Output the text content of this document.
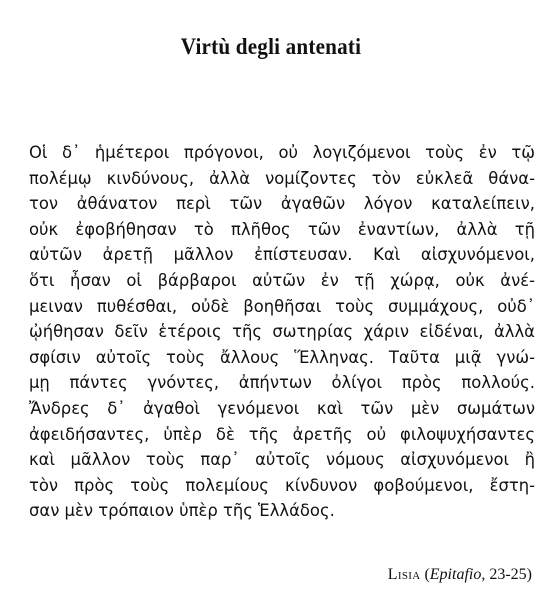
Virtù degli antenati
Οἱ δ᾽ ἡμέτεροι πρόγονοι, οὐ λογιζόμενοι τοὺς ἐν τῷ
πολέμῳ κινδύνους, ἀλλὰ νομίζοντες τὸν εὐκλεᾶ θάνα-
τον ἀθάνατον περὶ τῶν ἀγαθῶν λόγον καταλείπειν,
οὐκ ἐφοβήθησαν τὸ πλῆθος τῶν ἐναντίων, ἀλλὰ τῇ
αὐτῶν ἀρετῇ μᾶλλον ἐπίστευσαν. Καὶ αἰσχυνόμενοι,
ὅτι ἦσαν οἱ βάρβαροι αὐτῶν ἐν τῇ χώρᾳ, οὐκ ἀνέ-
μειναν πυθέσθαι, οὐδὲ βοηθῆσαι τοὺς συμμάχους, οὐδ᾽
ᾠήθησαν δεῖν ἑτέροις τῆς σωτηρίας χάριν εἰδέναι, ἀλλὰ
σφίσιν αὐτοῖς τοὺς ἄλλους Ἕλληνας. Ταῦτα μιᾷ γνώ-
μῃ πάντες γνόντες, ἀπήντων ὀλίγοι πρὸς πολλούς.
Ἄνδρες δ᾽ ἀγαθοὶ γενόμενοι καὶ τῶν μὲν σωμάτων
ἀφειδήσαντες, ὑπὲρ δὲ τῆς ἀρετῆς οὐ φιλοψυχήσαντες
καὶ μᾶλλον τοὺς παρ᾽ αὐτοῖς νόμους αἰσχυνόμενοι ἢ
τὸν πρὸς τοὺς πολεμίους κίνδυνον φοβούμενοι, ἔστη-
σαν μὲν τρόπαιον ὑπὲρ τῆς Ἑλλάδος.
Lisia (Epitafio, 23-25)
